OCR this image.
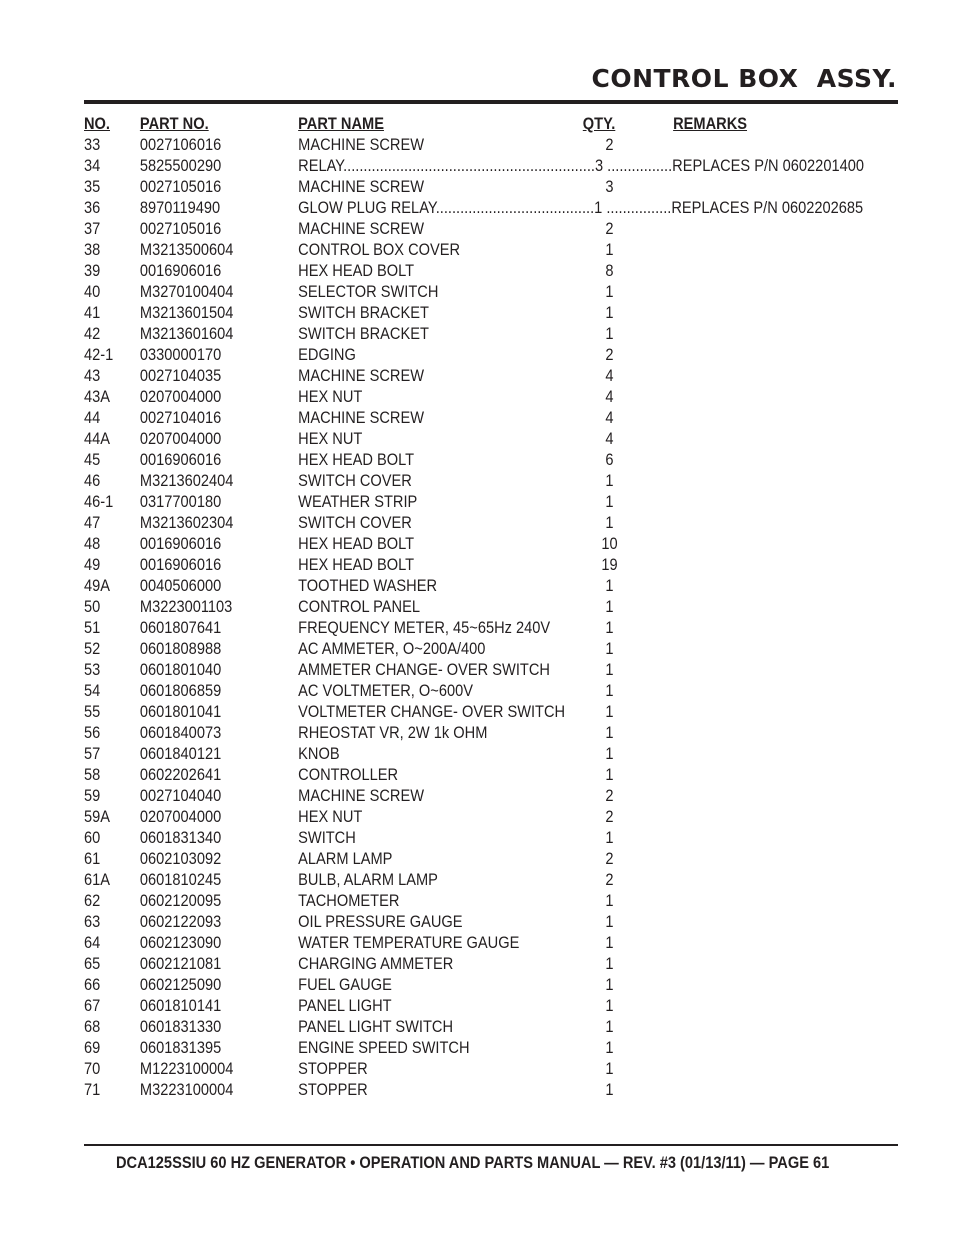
CONTROL BOX  ASSY.
NO. PART NO.	PART NAME	QTY.	REMARKS
33 0027106016	MACHINE SCREW	2
34 5825500290	RELAY..............................................................3 ................REPLACES P/N 0602201400
35 0027105016	MACHINE SCREW	3
36 8970119490	GLOW PLUG RELAY.......................................1 ................REPLACES P/N 0602202685
37 0027105016	MACHINE SCREW	2
38 M3213500604	CONTROL BOX COVER	1
39 0016906016	HEX HEAD BOLT	8
40 M3270100404	SELECTOR SWITCH	1
41 M3213601504	SWITCH BRACKET	1
42 M3213601604	SWITCH BRACKET	1
42-1 0330000170	EDGING	2
43 0027104035	MACHINE SCREW	4
43A 0207004000	HEX NUT	4
44 0027104016	MACHINE SCREW	4
44A 0207004000	HEX NUT	4
45 0016906016	HEX HEAD BOLT	6
46 M3213602404	SWITCH COVER	1
46-1 0317700180	WEATHER STRIP	1
47 M3213602304	SWITCH COVER	1
48 0016906016	HEX HEAD BOLT	10
49 0016906016	HEX HEAD BOLT	19
49A 0040506000	TOOTHED WASHER	1
50 M3223001103	CONTROL PANEL	1
51 0601807641	FREQUENCY METER, 45~65Hz 240V	1
52 0601808988	AC AMMETER, O~200A/400	1
53 0601801040	AMMETER CHANGE- OVER SWITCH	1
54 0601806859	AC VOLTMETER, O~600V	1
55 0601801041	VOLTMETER CHANGE- OVER SWITCH	1
56 0601840073	RHEOSTAT VR, 2W 1k OHM	1
57 0601840121	KNOB	1
58 0602202641	CONTROLLER	1
59 0027104040	MACHINE SCREW	2
59A 0207004000	HEX NUT	2
60 0601831340	SWITCH	1
61 0602103092	ALARM LAMP	2
61A 0601810245	BULB, ALARM LAMP	2
62 0602120095	TACHOMETER	1
63 0602122093	OIL PRESSURE GAUGE	1
64 0602123090	WATER TEMPERATURE GAUGE	1
65 0602121081	CHARGING AMMETER	1
66 0602125090	FUEL GAUGE	1
67 0601810141	PANEL LIGHT	1
68 0601831330	PANEL LIGHT SWITCH	1
69 0601831395	ENGINE SPEED SWITCH	1
70 M1223100004	STOPPER	1
71 M3223100004	STOPPER	1
DCA125SSIU 60 HZ GENERATOR • OPERATION AND PARTS MANUAL — REV. #3 (01/13/11) — PAGE 61
